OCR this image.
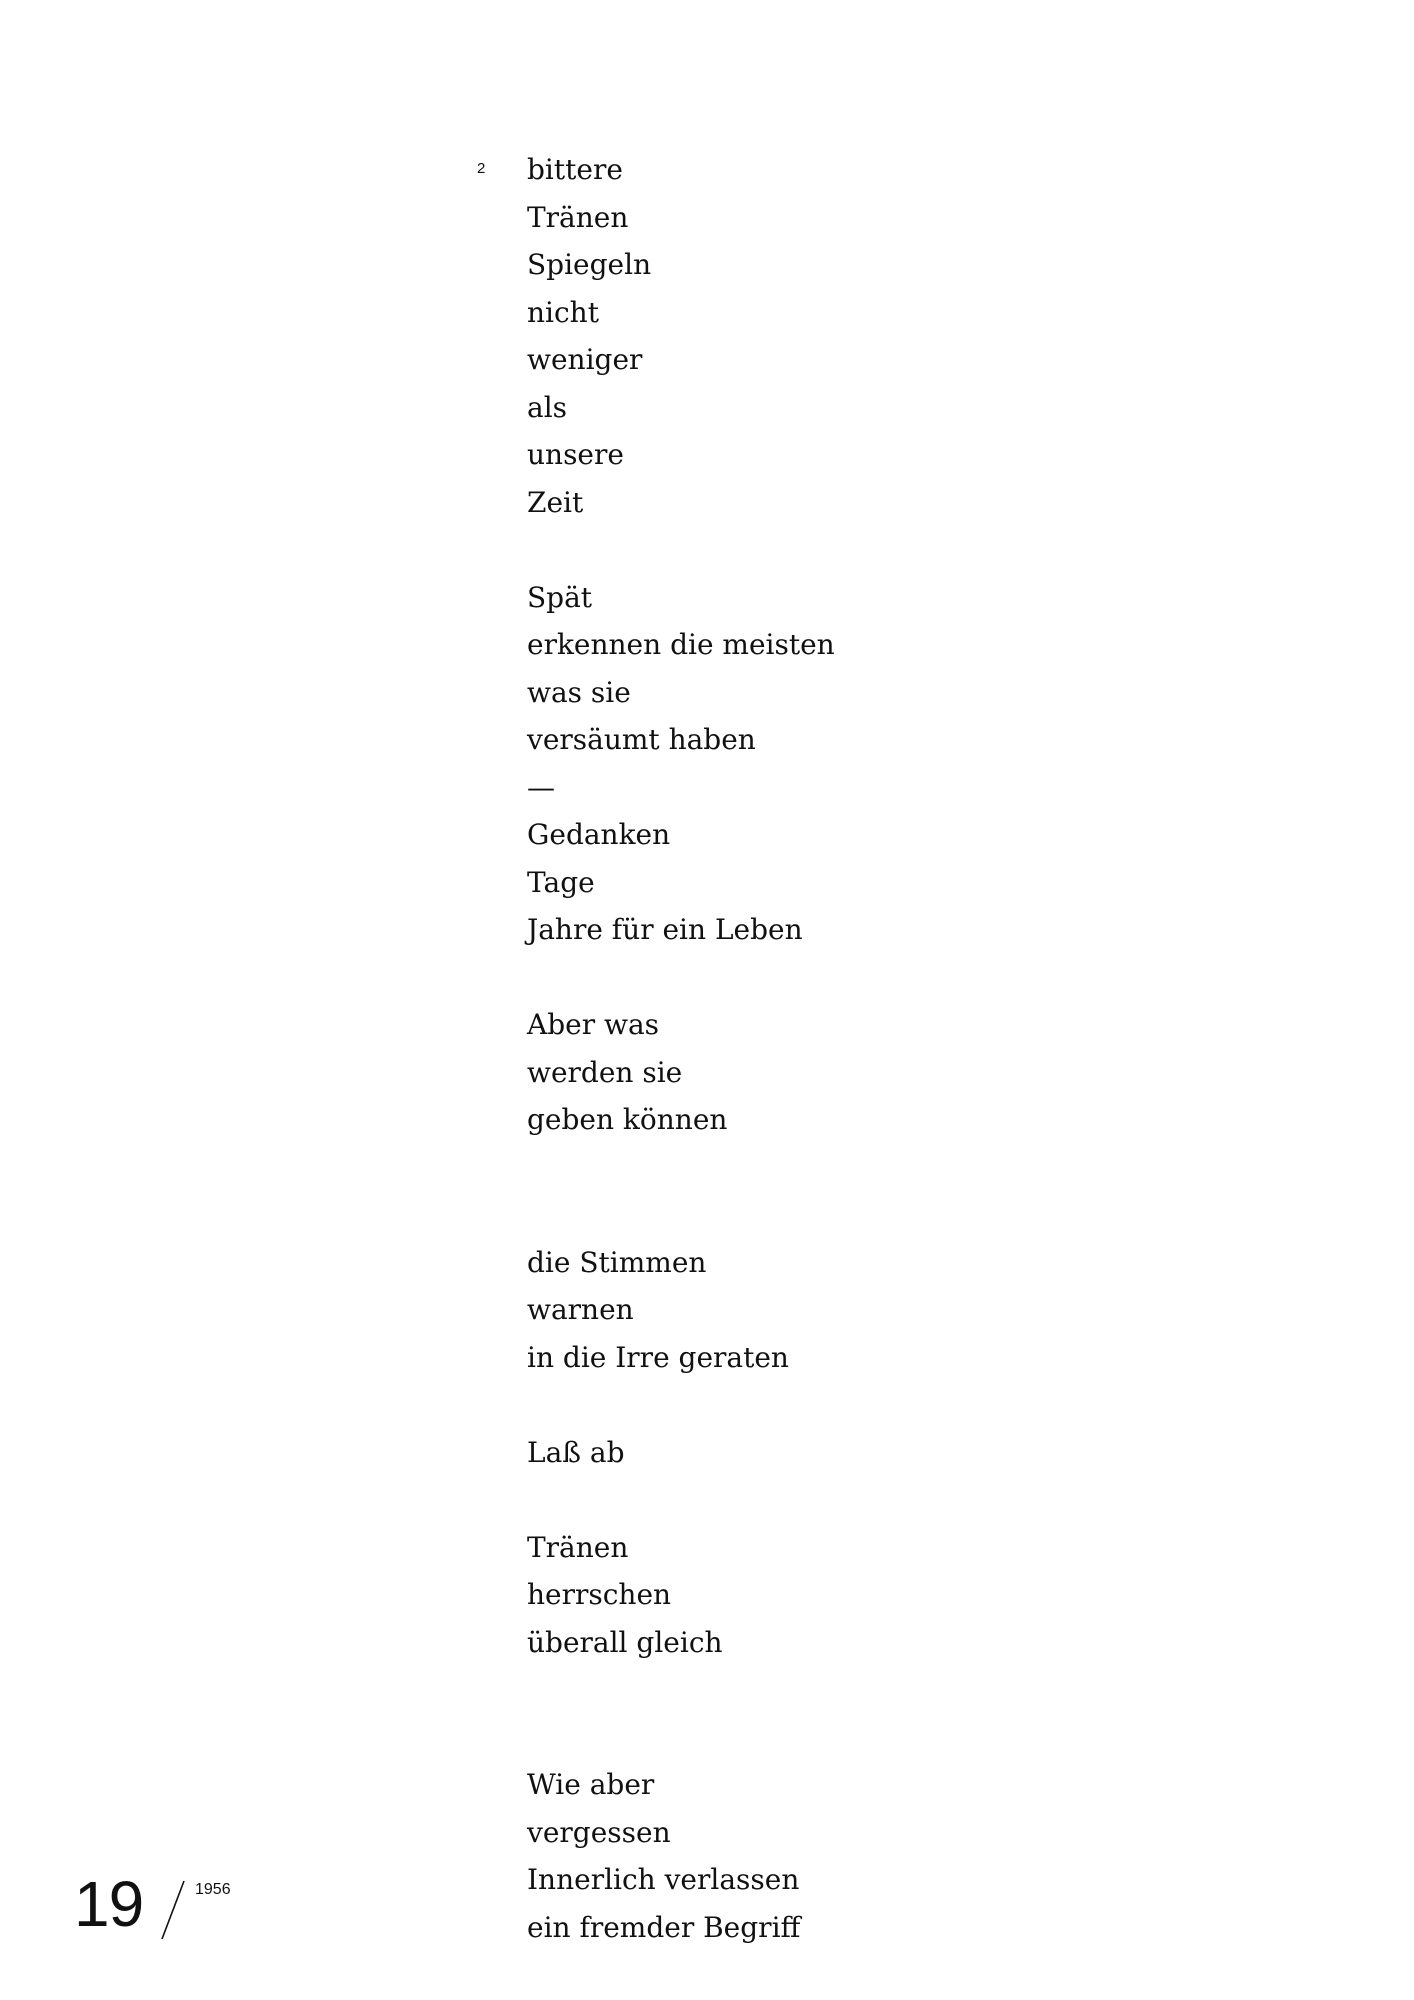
2 bittere
Tränen
Spiegeln
nicht
weniger
als
unsere
Zeit
Spät
erkennen die meisten
was sie
versäumt haben
—
Gedanken
Tage
Jahre für ein Leben
Aber was
werden sie
geben können
die Stimmen
warnen
in die Irre geraten
Laß ab
Tränen
herrschen
überall gleich
Wie aber
vergessen
Innerlich verlassen
ein fremder Begriff
19	1956
